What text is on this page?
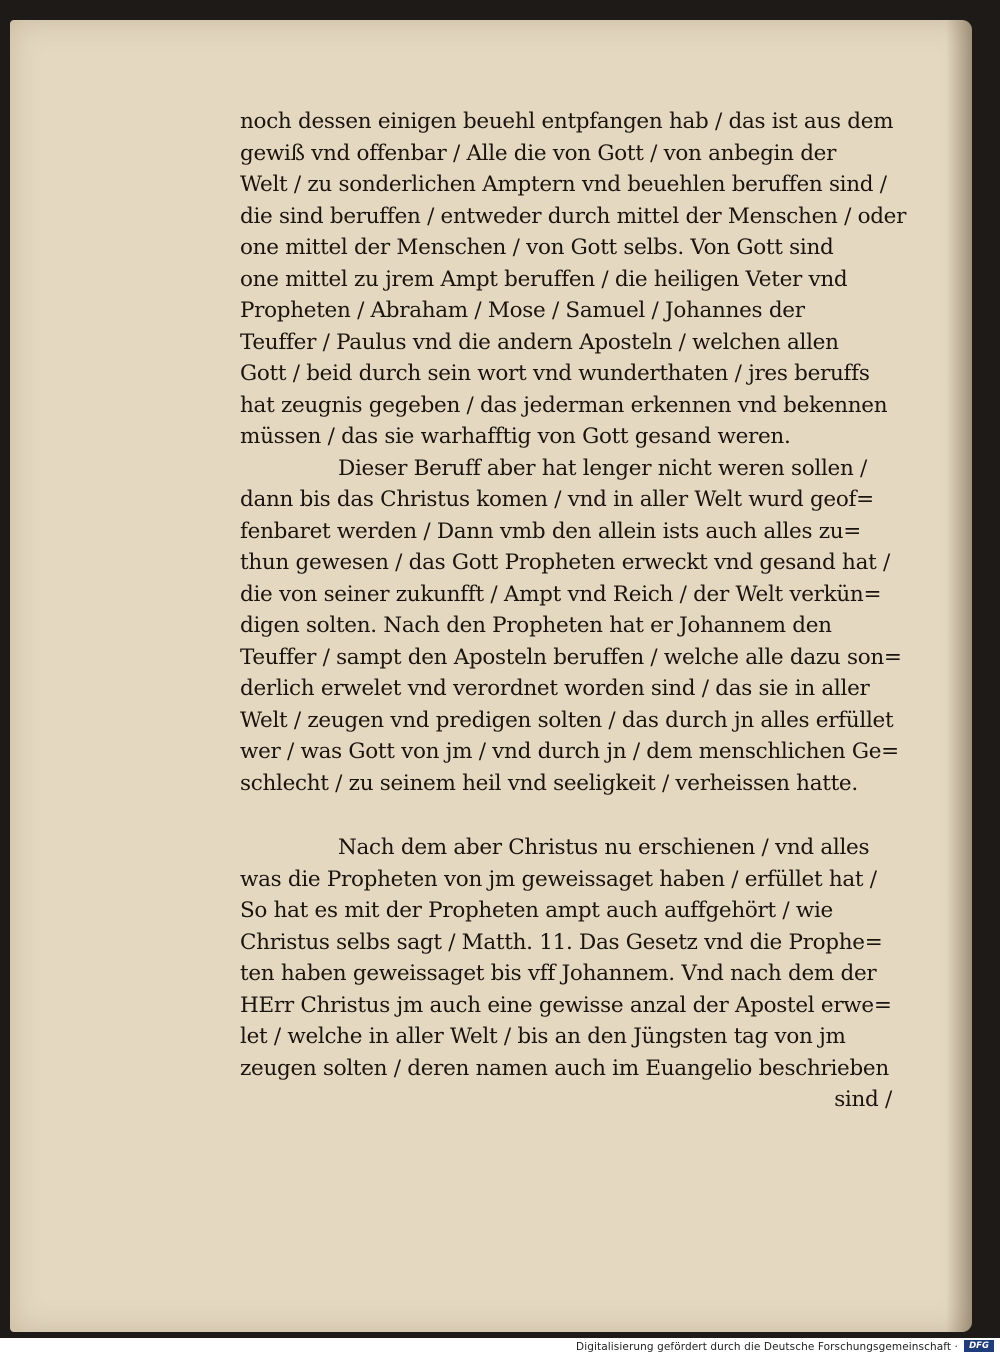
noch dessen einigen beuehl entpfangen hab / das ist aus dem
gewiß vnd offenbar / Alle die von Gott / von anbegin der
Welt / zu sonderlichen Amptern vnd beuehlen beruffen sind /
die sind beruffen / entweder durch mittel der Menschen / oder
one mittel der Menschen / von Gott selbs. Von Gott sind
one mittel zu jrem Ampt beruffen / die heiligen Veter vnd
Propheten / Abraham / Mose / Samuel / Johannes der
Teuffer / Paulus vnd die andern Aposteln / welchen allen
Gott / beid durch sein wort vnd wunderthaten / jres beruffs
hat zeugnis gegeben / das jederman erkennen vnd bekennen
müssen / das sie warhafftig von Gott gesand weren.
Dieser Beruff aber hat lenger nicht weren sollen /
dann bis das Christus komen / vnd in aller Welt wurd geof=
fenbaret werden / Dann vmb den allein ists auch alles zu=
thun gewesen / das Gott Propheten erweckt vnd gesand hat /
die von seiner zukunfft / Ampt vnd Reich / der Welt verkün=
digen solten. Nach den Propheten hat er Johannem den
Teuffer / sampt den Aposteln beruffen / welche alle dazu son=
derlich erwelet vnd verordnet worden sind / das sie in aller
Welt / zeugen vnd predigen solten / das durch jn alles erfüllet
wer / was Gott von jm / vnd durch jn / dem menschlichen Ge=
schlecht / zu seinem heil vnd seeligkeit / verheissen hatte.
Nach dem aber Christus nu erschienen / vnd alles
was die Propheten von jm geweissaget haben / erfüllet hat /
So hat es mit der Propheten ampt auch auffgehört / wie
Christus selbs sagt / Matth. 11. Das Gesetz vnd die Prophe=
ten haben geweissaget bis vff Johannem. Vnd nach dem der
HErr Christus jm auch eine gewisse anzal der Apostel erwe=
let / welche in aller Welt / bis an den Jüngsten tag von jm
zeugen solten / deren namen auch im Euangelio beschrieben
sind /
Digitalisierung gefördert durch die Deutsche Forschungsgemeinschaft ·	DFG
